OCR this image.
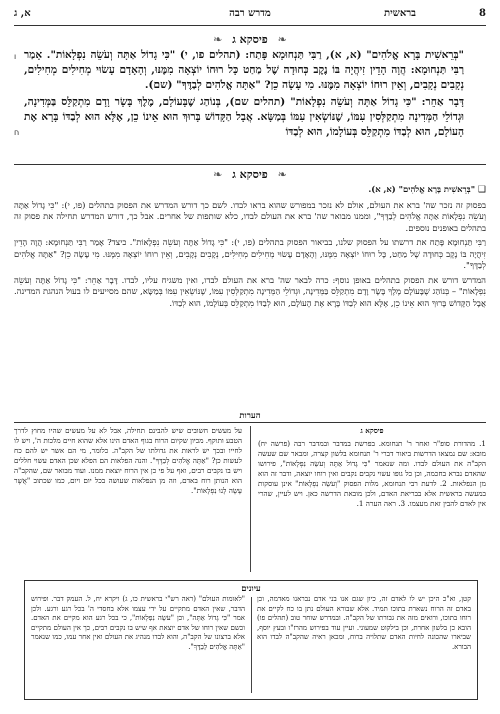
8
בראשית
מדרש רבה
א, ג
❧ פיסקא ג ❧
ו
ח

"בְּרֵאשִׁית בָּרָא אֱלֹהִים" (א, א), רַבִּי תַּנְחוּמָא פָּתַח: (תהלים פו, י) "כִּי גָדוֹל אַתָּה וְעֹשֵׂה נִפְלָאוֹת". אָמַר רַבִּי תַּנְחוּמָא: הֲוָה הָדֵין זִיהֲיָה בּוֹ נֶקֶב כְּחוּדָה שֶׁל מַחַט כָּל רוּחוֹ יוֹצְאָה מִמֶּנּוּ, וְהָאָדָם עָשׂוּי מְחִילִים מְחִילִים, נְקָבִים נְקָבִים, וְאֵין רוּחוֹ יוֹצְאָה מִמֶּנּוּ. מִי עָשָׂה כֵן? "אַתָּה אֱלֹהִים לְבַדֶּךָ" (שם).

דָּבָר אַחֵר: "כִּי גָדוֹל אַתָּה וְעֹשֵׂה נִפְלָאוֹת" (תהלים שם), בְּנוֹהַג שֶׁבָּעוֹלָם, מֶלֶךְ בָּשָׂר וָדָם מִתְקַלֵּס בַּמְּדִינָה, וּגְדוֹלֵי הַמְּדִינָה מִתְקַלְּסִין עִמּוֹ, שֶׁנּוֹשְׂאִין עִמּוֹ בְּמַשָּׂא. אֲבָל הַקָּדוֹשׁ בָּרוּךְ הוּא אֵינוֹ כֵן, אֶלָּא הוּא לְבַדּוֹ בָּרָא אֶת הָעוֹלָם, הוּא לְבַדּוֹ מִתְקַלֵּס בְּעוֹלָמוֹ, הוּא לְבַדּוֹ

❧ פיסקא ג ❧

❑ "בְּרֵאשִׁית בָּרָא אֱלֹהִים" (א, א).

בפסוק זה נזכר שה' ברא את העולם, אולם לא נזכר במפורש שהוא בראו לבדו. לשם כך דורש המדרש את הפסוק בתהלים (פו, י): "כִּי גָדוֹל אַתָּה וְעֹשֵׂה נִפְלָאוֹת אַתָּה אֱלֹהִים לְבַדֶּךָ", וממנו מבואר שה' ברא את העולם לבדו, כלא שותפות של אחרים. אבל כך, דורש המדרש תחילה את פסוק זה בתהלים באופנים נוספים.

רַבִּי תַּנְחוּמָא פָּתַח את דרשתו על הפסוק שלנו, בביאור הפסוק בתהלים (פו, י): "כִּי גָדוֹל אַתָּה וְעֹשֵׂה נִפְלָאוֹת". כיצד? אָמַר רַבִּי תַּנְחוּמָא: הֲוָה הָדֵין זִיהֲיָה בּוֹ נֶקֶב כְּחוּדָה שֶׁל מַחַט, כָּל רוּחוֹ יוֹצְאָה מִמֶּנּוּ, וְהָאָדָם עָשׂוּי מְחִילִים מְחִילִים, נְקָבִים נְקָבִים, וְאֵין רוּחוֹ יוֹצְאָה מִמֶּנּוּ. מִי עָשָׂה כֵן? "אַתָּה אֱלֹהִים לְבַדֶּךָ".

המדרש דורש את הפסוק בתהלים באופן נוסף: כרה לבאר שה' ברא את העולם לבדו, ואין משגיח עליו, לבדו. דָּבָר אַחֵר: "כִּי גָדוֹל אַתָּה וְעֹשֵׂה נִפְלָאוֹת" – בְּנוֹהַג שֶׁבָּעוֹלָם מֶלֶךְ בָּשָׂר וָדָם מִתְקַלֵּס בַּמְּדִינָה, וּגְדוֹלֵי הַמְּדִינָה מִתְקַלְּסִין עִמּוֹ, שֶׁנּוֹשְׂאִין עִמּוֹ בְּמַשָּׂא, שהם מסייעים לו בעול הנהגת המדינה. אֲבָל הַקָּדוֹשׁ בָּרוּךְ הוּא אֵינוֹ כֵן, אֶלָּא הוּא לְבַדּוֹ בָּרָא אֶת הָעוֹלָם, הוּא לְבַדּוֹ מִתְקַלֵּס בְּעוֹלָמוֹ, הוּא לְבַדּוֹ.

הערות

פיסקא ג

1. מהדורת סופ"ר ואחר ר' תנחומא. בפרשת במדבר ובמדבר רבה (פרשה יח) מובא: שם נמצאו הדרשות ביאור דברי ר' תנחומא בלשון קצרה, ומבאר שם שעשה הקב"ה את העולם לבדו. ומה שנאמר "כִּי גָדוֹל אַתָּה וְעֹשֵׂה נִפְלָאוֹת", פירושו שהאדם נברא בחכמה, וכן כל גופו עשוי נקבים נקבים ואין רוחו יוצאה, ודבר זה הוא מן הנפלאות. 2. לדעת רבי תנחומא, מלות הפסוק "וְעֹשֵׂה נִפְלָאוֹת" אינן עוסקות במעשה בראשית אלא בבריאת האדם, ולכן מובאת הדרשה כאן. ויש לעיין, שהרי אין לאדם להבין זאת מעצמו. 3. ראה הערה 1.

על מעשים חשובים שיש להבינם תחילה, אבל לא על מעשים שהיו מחוץ לדרך הטבע ותוקף. מכיון שקיום הרוח בגוף האדם הינו אלא שהוא חיים מלכות ה', ויש לו לחייו ובכך יש לראות את גדולתו של הקב"ה. כלומר, מי הם אשר יש להם כח לעשות כן? "אַתָּה אֱלֹהִים לְבַדֶּךָ". והנה הפלאות הם הפלא שכן האדם עשוי חללים ויש בו נקבים רבים, ואף על פי כן אין הרוח יוצאת ממנו. ועוד מבואר שם, שהקב"ה הוא הנותן רוח באדם, וזה מן הנפלאות שעושה בכל יום ויום, כמו שכתוב "אֲשֶׁר עָשָׂה לָנוּ נִפְלָאוֹת".

עיונים
קטן, וא"כ היכן יש לו לאדם זה, כיון שגם אנו בני אדם נבראנו מאדמה, וכן באדם זה הרוח נשארת בתוכו תמיד. אלא שבורא העולם נתן בו כח לקיים את רוחו בתוכו, ורואים מזה את גבורתו של הקב"ה. ובמדרש שוחר טוב (תהלים פו) הובא כן בלשון אחרת, וכן בילקוט שמעוני. ועיין עוד בפירוש מהרז"ו ובעץ יוסף, שביארו שהכונה לחיות האדם שתלויה ברוח, ומכאן ראיה שהקב"ה לבדו הוא הבורא.
"לאומות העולם" (ראה רש"י בראשית כו, ג) ויקרא יח, ל. העמק דבר. ופירוש הדבר, שאין האדם מתקיים על ידי עצמו אלא בחסדי ה' בכל רגע ורגע. ולכן אמר "כִּי גָדוֹל אַתָּה", וכן "עֹשֵׂה נִפְלָאוֹת", כי בכל רגע הוא מקיים את האדם. וכשם שאין רוחו של אדם יוצאת אף שיש בו נקבים רבים, כך אין העולם מתקיים אלא ברצונו של הקב"ה, והוא לבדו מנהיג את העולם ואין אחר עמו, כמו שנאמר "אַתָּה אֱלֹהִים לְבַדֶּךָ".
